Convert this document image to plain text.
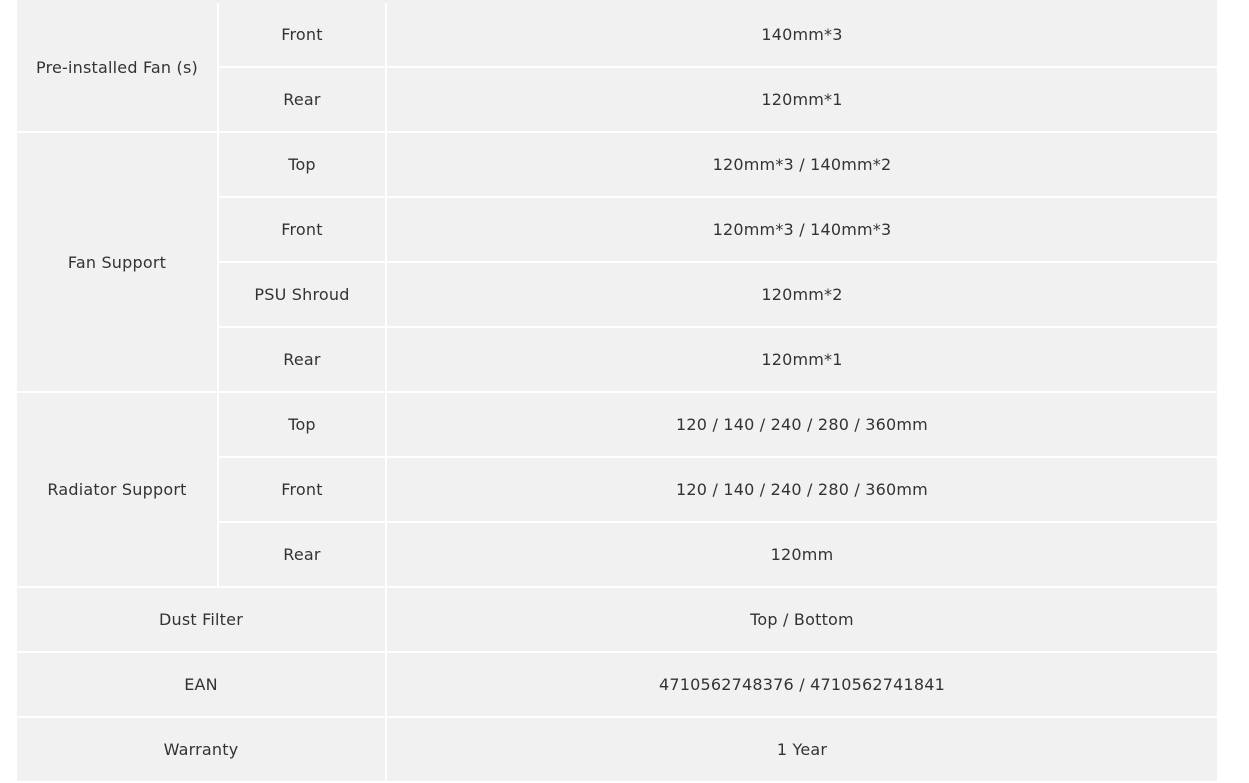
Pre-installed Fan (s)	Front	140mm*3
	Rear	120mm*1
Fan Support	Top	120mm*3 / 140mm*2
	Front	120mm*3 / 140mm*3
	PSU Shroud	120mm*2
	Rear	120mm*1
Radiator Support	Top	120 / 140 / 240 / 280 / 360mm
	Front	120 / 140 / 240 / 280 / 360mm
	Rear	120mm
Dust Filter		Top / Bottom
EAN		4710562748376 / 4710562741841
Warranty		1 Year
